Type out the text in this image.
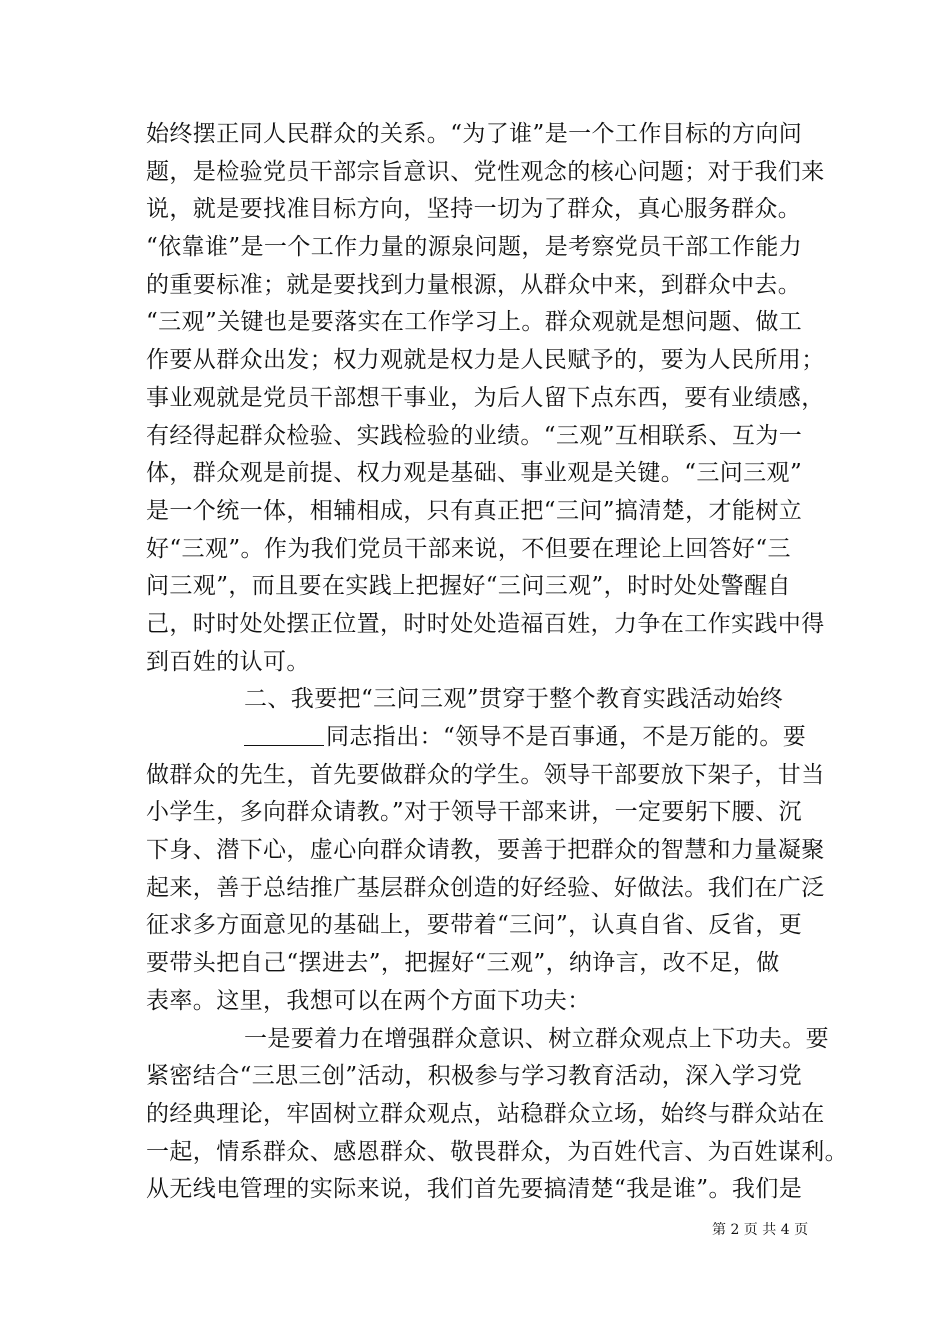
始终摆正同人民群众的关系。“为了谁”是一个工作目标的方向问
题，是检验党员干部宗旨意识、党性观念的核心问题；对于我们来
说，就是要找准目标方向，坚持一切为了群众，真心服务群众。
“依靠谁”是一个工作力量的源泉问题，是考察党员干部工作能力
的重要标准；就是要找到力量根源，从群众中来，到群众中去。
“三观”关键也是要落实在工作学习上。群众观就是想问题、做工
作要从群众出发；权力观就是权力是人民赋予的，要为人民所用；
事业观就是党员干部想干事业，为后人留下点东西，要有业绩感，
有经得起群众检验、实践检验的业绩。“三观”互相联系、互为一
体，群众观是前提、权力观是基础、事业观是关键。“三问三观”
是一个统一体，相辅相成，只有真正把“三问”搞清楚，才能树立
好“三观”。作为我们党员干部来说，不但要在理论上回答好“三
问三观”，而且要在实践上把握好“三问三观”，时时处处警醒自
己，时时处处摆正位置，时时处处造福百姓，力争在工作实践中得
到百姓的认可。
二、我要把“三问三观”贯穿于整个教育实践活动始终
同志指出：“领导不是百事通，不是万能的。要
做群众的先生，首先要做群众的学生。领导干部要放下架子，甘当
小学生，多向群众请教。”对于领导干部来讲，一定要躬下腰、沉
下身、潜下心，虚心向群众请教，要善于把群众的智慧和力量凝聚
起来，善于总结推广基层群众创造的好经验、好做法。我们在广泛
征求多方面意见的基础上，要带着“三问”，认真自省、反省，更
要带头把自己“摆进去”，把握好“三观”，纳诤言，改不足，做
表率。这里，我想可以在两个方面下功夫：
一是要着力在增强群众意识、树立群众观点上下功夫。要
紧密结合“三思三创”活动，积极参与学习教育活动，深入学习党
的经典理论，牢固树立群众观点，站稳群众立场，始终与群众站在
一起，情系群众、感恩群众、敬畏群众，为百姓代言、为百姓谋利。
从无线电管理的实际来说，我们首先要搞清楚“我是谁”。我们是
第 2 页 共 4 页
